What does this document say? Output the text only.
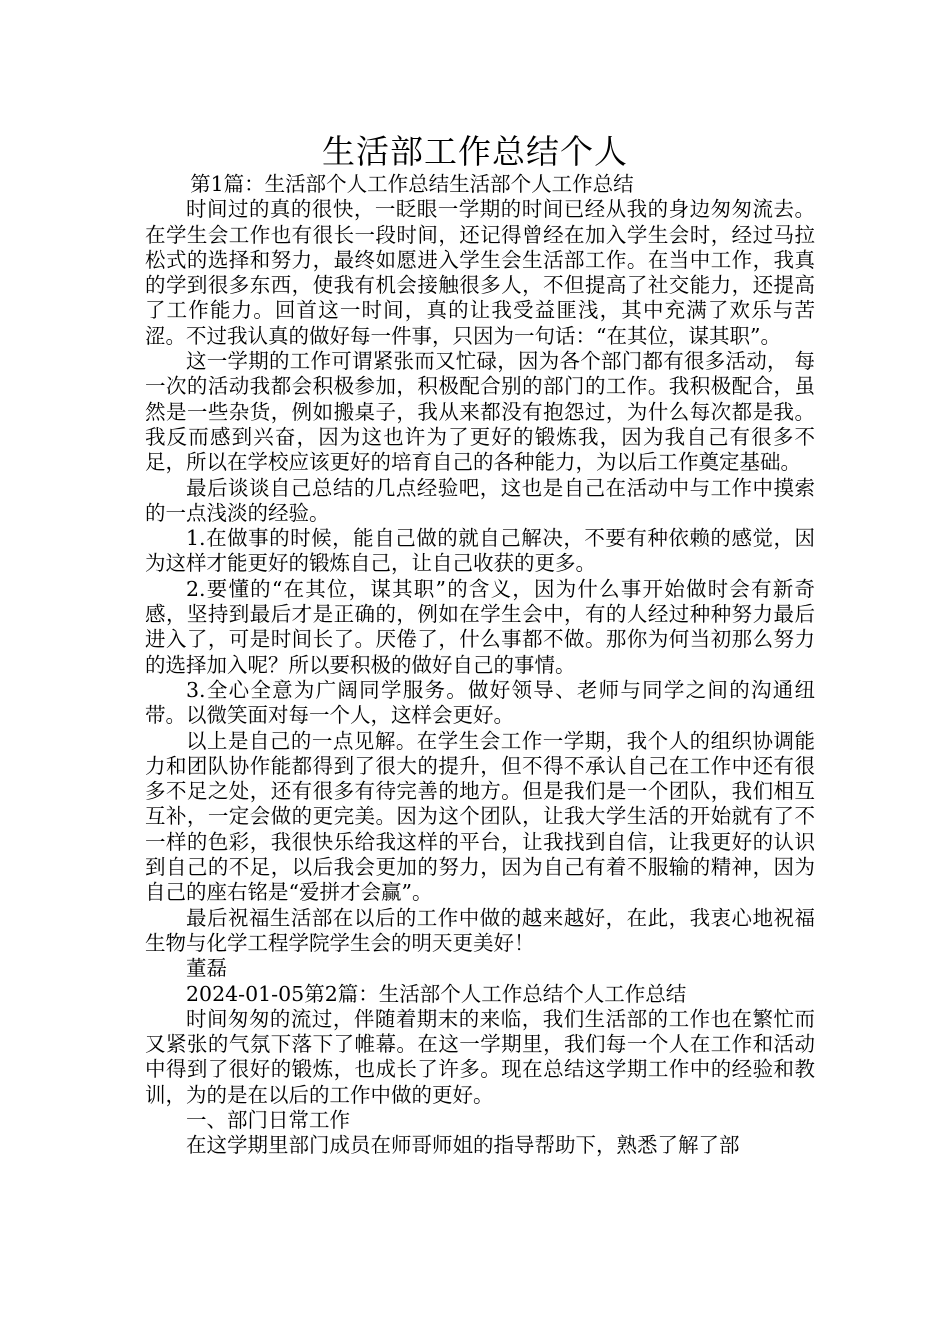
生活部工作总结个人

第1篇：生活部个人工作总结生活部个人工作总结

时间过的真的很快，一眨眼一学期的时间已经从我的身边匆匆流去。在学生会工作也有很长一段时间，还记得曾经在加入学生会时，经过马拉松式的选择和努力，最终如愿进入学生会生活部工作。在当中工作，我真的学到很多东西，使我有机会接触很多人，不但提高了社交能力，还提高了工作能力。回首这一时间，真的让我受益匪浅，其中充满了欢乐与苦涩。不过我认真的做好每一件事，只因为一句话：“在其位，谋其职”。

这一学期的工作可谓紧张而又忙碌，因为各个部门都有很多活动， 每一次的活动我都会积极参加，积极配合别的部门的工作。我积极配合，虽然是一些杂货，例如搬桌子，我从来都没有抱怨过，为什么每次都是我。我反而感到兴奋，因为这也许为了更好的锻炼我，因为我自己有很多不足，所以在学校应该更好的培育自己的各种能力，为以后工作奠定基础。

最后谈谈自己总结的几点经验吧，这也是自己在活动中与工作中摸索的一点浅淡的经验。

1.在做事的时候，能自己做的就自己解决，不要有种依赖的感觉，因为这样才能更好的锻炼自己，让自己收获的更多。

2.要懂的“在其位，谋其职”的含义，因为什么事开始做时会有新奇感，坚持到最后才是正确的，例如在学生会中，有的人经过种种努力最后进入了，可是时间长了。厌倦了，什么事都不做。那你为何当初那么努力的选择加入呢？所以要积极的做好自己的事情。

3.全心全意为广阔同学服务。做好领导、老师与同学之间的沟通纽带。以微笑面对每一个人，这样会更好。

以上是自己的一点见解。在学生会工作一学期，我个人的组织协调能力和团队协作能都得到了很大的提升，但不得不承认自己在工作中还有很多不足之处，还有很多有待完善的地方。但是我们是一个团队，我们相互互补，一定会做的更完美。因为这个团队，让我大学生活的开始就有了不一样的色彩，我很快乐给我这样的平台，让我找到自信，让我更好的认识到自己的不足，以后我会更加的努力，因为自己有着不服输的精神，因为自己的座右铭是“爱拼才会赢”。

最后祝福生活部在以后的工作中做的越来越好，在此，我衷心地祝福生物与化学工程学院学生会的明天更美好！

董磊

2024-01-05第2篇：生活部个人工作总结个人工作总结

时间匆匆的流过，伴随着期末的来临，我们生活部的工作也在繁忙而又紧张的气氛下落下了帷幕。在这一学期里，我们每一个人在工作和活动中得到了很好的锻炼，也成长了许多。现在总结这学期工作中的经验和教训，为的是在以后的工作中做的更好。

一、部门日常工作

在这学期里部门成员在师哥师姐的指导帮助下，熟悉了解了部
